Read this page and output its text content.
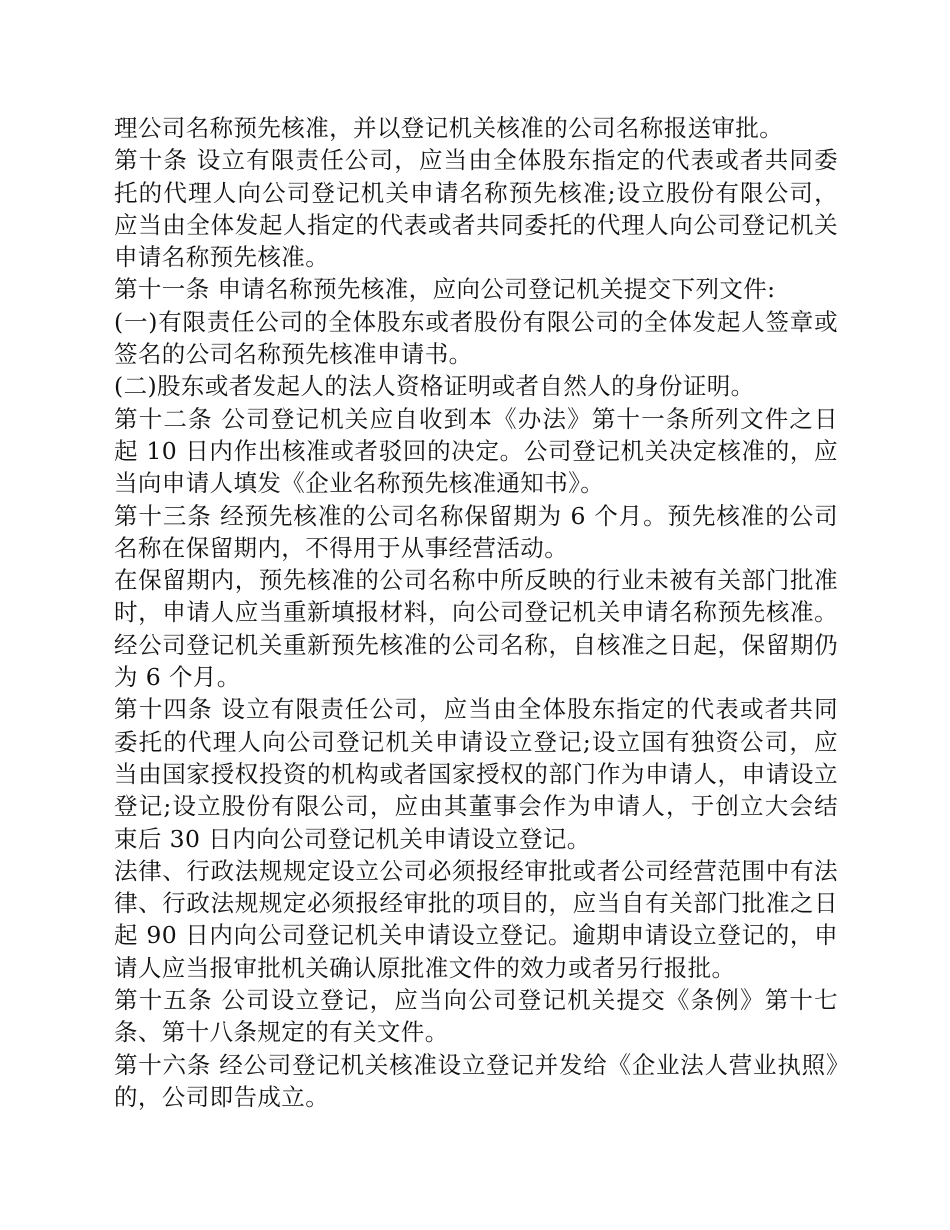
理公司名称预先核准，并以登记机关核准的公司名称报送审批。

第十条 设立有限责任公司，应当由全体股东指定的代表或者共同委托的代理人向公司登记机关申请名称预先核准;设立股份有限公司，应当由全体发起人指定的代表或者共同委托的代理人向公司登记机关申请名称预先核准。

第十一条 申请名称预先核准，应向公司登记机关提交下列文件:

(一)有限责任公司的全体股东或者股份有限公司的全体发起人签章或签名的公司名称预先核准申请书。

(二)股东或者发起人的法人资格证明或者自然人的身份证明。

第十二条 公司登记机关应自收到本《办法》第十一条所列文件之日起 10 日内作出核准或者驳回的决定。公司登记机关决定核准的，应当向申请人填发《企业名称预先核准通知书》。

第十三条 经预先核准的公司名称保留期为 6 个月。预先核准的公司名称在保留期内，不得用于从事经营活动。

在保留期内，预先核准的公司名称中所反映的行业未被有关部门批准时，申请人应当重新填报材料，向公司登记机关申请名称预先核准。经公司登记机关重新预先核准的公司名称，自核准之日起，保留期仍为 6 个月。

第十四条 设立有限责任公司，应当由全体股东指定的代表或者共同委托的代理人向公司登记机关申请设立登记;设立国有独资公司，应当由国家授权投资的机构或者国家授权的部门作为申请人，申请设立登记;设立股份有限公司，应由其董事会作为申请人，于创立大会结束后 30 日内向公司登记机关申请设立登记。

法律、行政法规规定设立公司必须报经审批或者公司经营范围中有法律、行政法规规定必须报经审批的项目的，应当自有关部门批准之日起 90 日内向公司登记机关申请设立登记。逾期申请设立登记的，申请人应当报审批机关确认原批准文件的效力或者另行报批。

第十五条 公司设立登记，应当向公司登记机关提交《条例》第十七条、第十八条规定的有关文件。

第十六条 经公司登记机关核准设立登记并发给《企业法人营业执照》的，公司即告成立。
